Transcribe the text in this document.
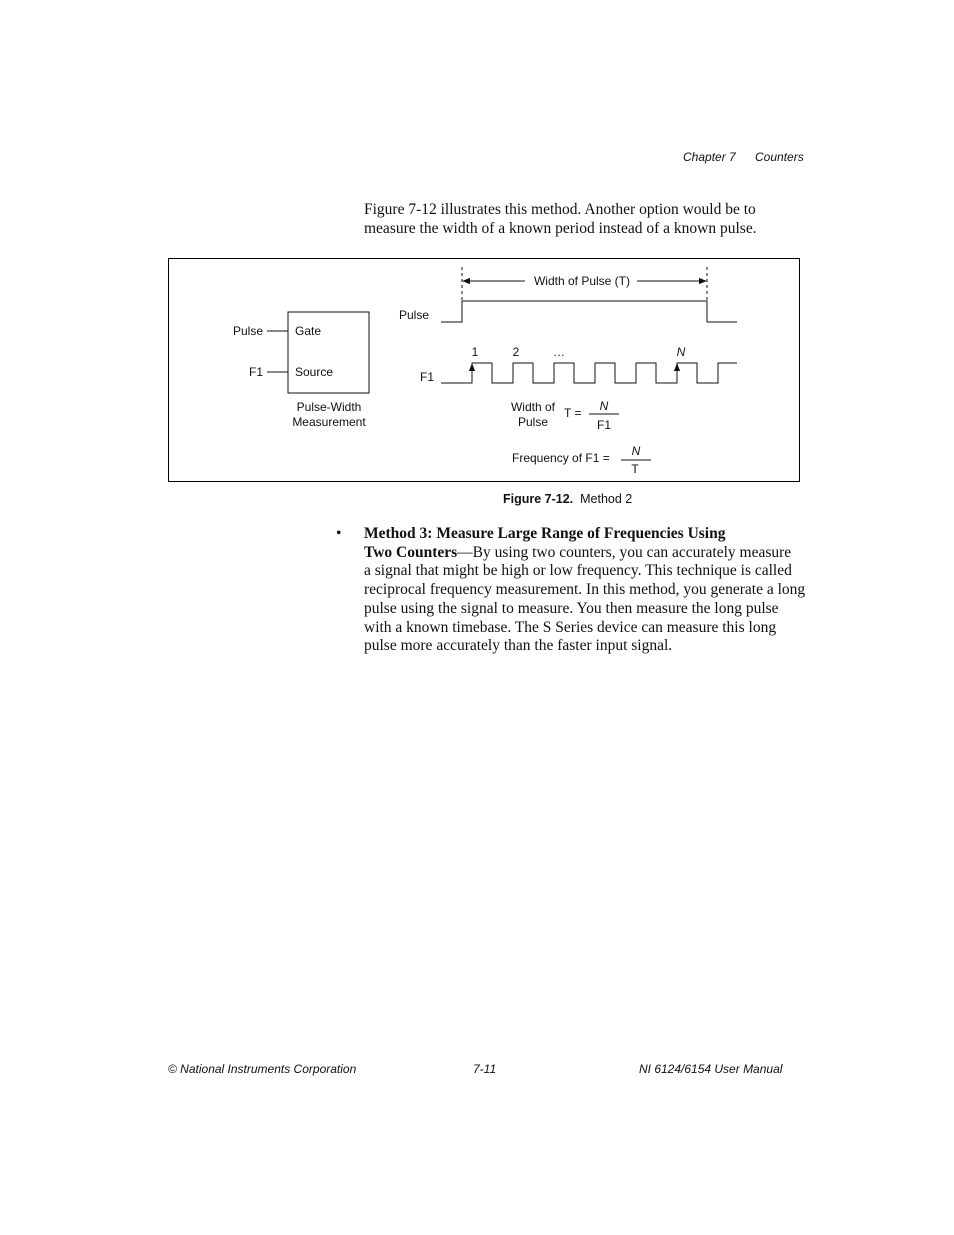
Chapter 7 Counters
Figure 7-12 illustrates this method. Another option would be to
measure the width of a known period instead of a known pulse.
Pulse
F1
Gate
Source
Pulse-Width
Measurement
Width of Pulse (T)
Pulse
F1
1	2	…	N
Width of
Pulse
T = N
F1
Frequency of F1 = N
T
Figure 7-12. Method 2
• Method 3: Measure Large Range of Frequencies Using
Two Counters—By using two counters, you can accurately measure
a signal that might be high or low frequency. This technique is called
reciprocal frequency measurement. In this method, you generate a long
pulse using the signal to measure. You then measure the long pulse
with a known timebase. The S Series device can measure this long
pulse more accurately than the faster input signal.
© National Instruments Corporation	7-11	NI 6124/6154 User Manual
